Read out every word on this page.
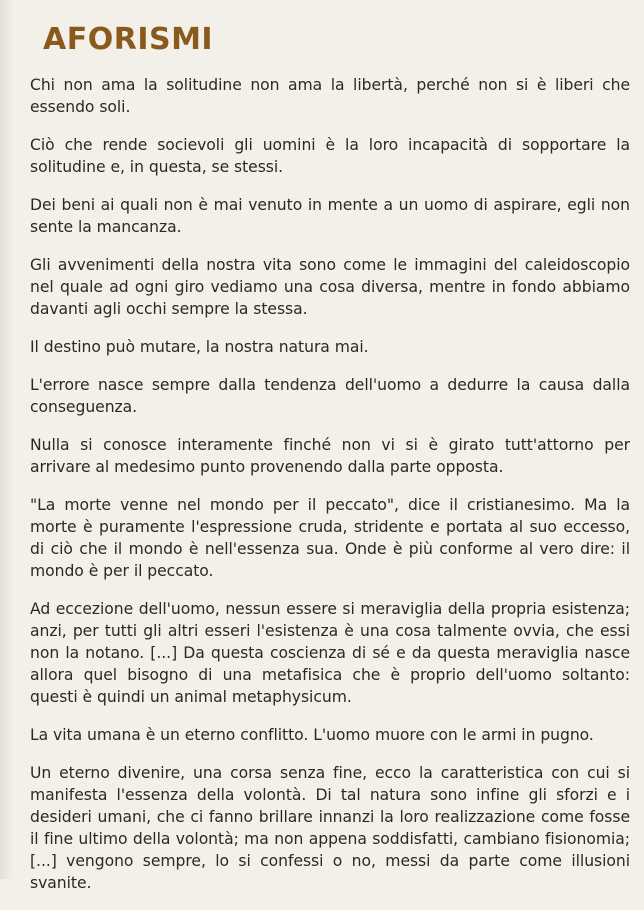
AFORISMI

Chi non ama la solitudine non ama la libertà, perché non si è liberi che essendo soli.

Ciò che rende socievoli gli uomini è la loro incapacità di sopportare la solitudine e, in questa, se stessi.

Dei beni ai quali non è mai venuto in mente a un uomo di aspirare, egli non sente la mancanza.

Gli avvenimenti della nostra vita sono come le immagini del caleidoscopio nel quale ad ogni giro vediamo una cosa diversa, mentre in fondo abbiamo davanti agli occhi sempre la stessa.

Il destino può mutare, la nostra natura mai.

L'errore nasce sempre dalla tendenza dell'uomo a dedurre la causa dalla conseguenza.

Nulla si conosce interamente finché non vi si è girato tutt'attorno per arrivare al medesimo punto provenendo dalla parte opposta.

"La morte venne nel mondo per il peccato", dice il cristianesimo. Ma la morte è puramente l'espressione cruda, stridente e portata al suo eccesso, di ciò che il mondo è nell'essenza sua. Onde è più conforme al vero dire: il mondo è per il peccato.

Ad eccezione dell'uomo, nessun essere si meraviglia della propria esistenza; anzi, per tutti gli altri esseri l'esistenza è una cosa talmente ovvia, che essi non la notano. [...] Da questa coscienza di sé e da questa meraviglia nasce allora quel bisogno di una metafisica che è proprio dell'uomo soltanto: questi è quindi un animal metaphysicum.

La vita umana è un eterno conflitto. L'uomo muore con le armi in pugno.

Un eterno divenire, una corsa senza fine, ecco la caratteristica con cui si manifesta l'essenza della volontà. Di tal natura sono infine gli sforzi e i desideri umani, che ci fanno brillare innanzi la loro realizzazione come fosse il fine ultimo della volontà; ma non appena soddisfatti, cambiano fisionomia; [...] vengono sempre, lo si confessi o no, messi da parte come illusioni svanite.
